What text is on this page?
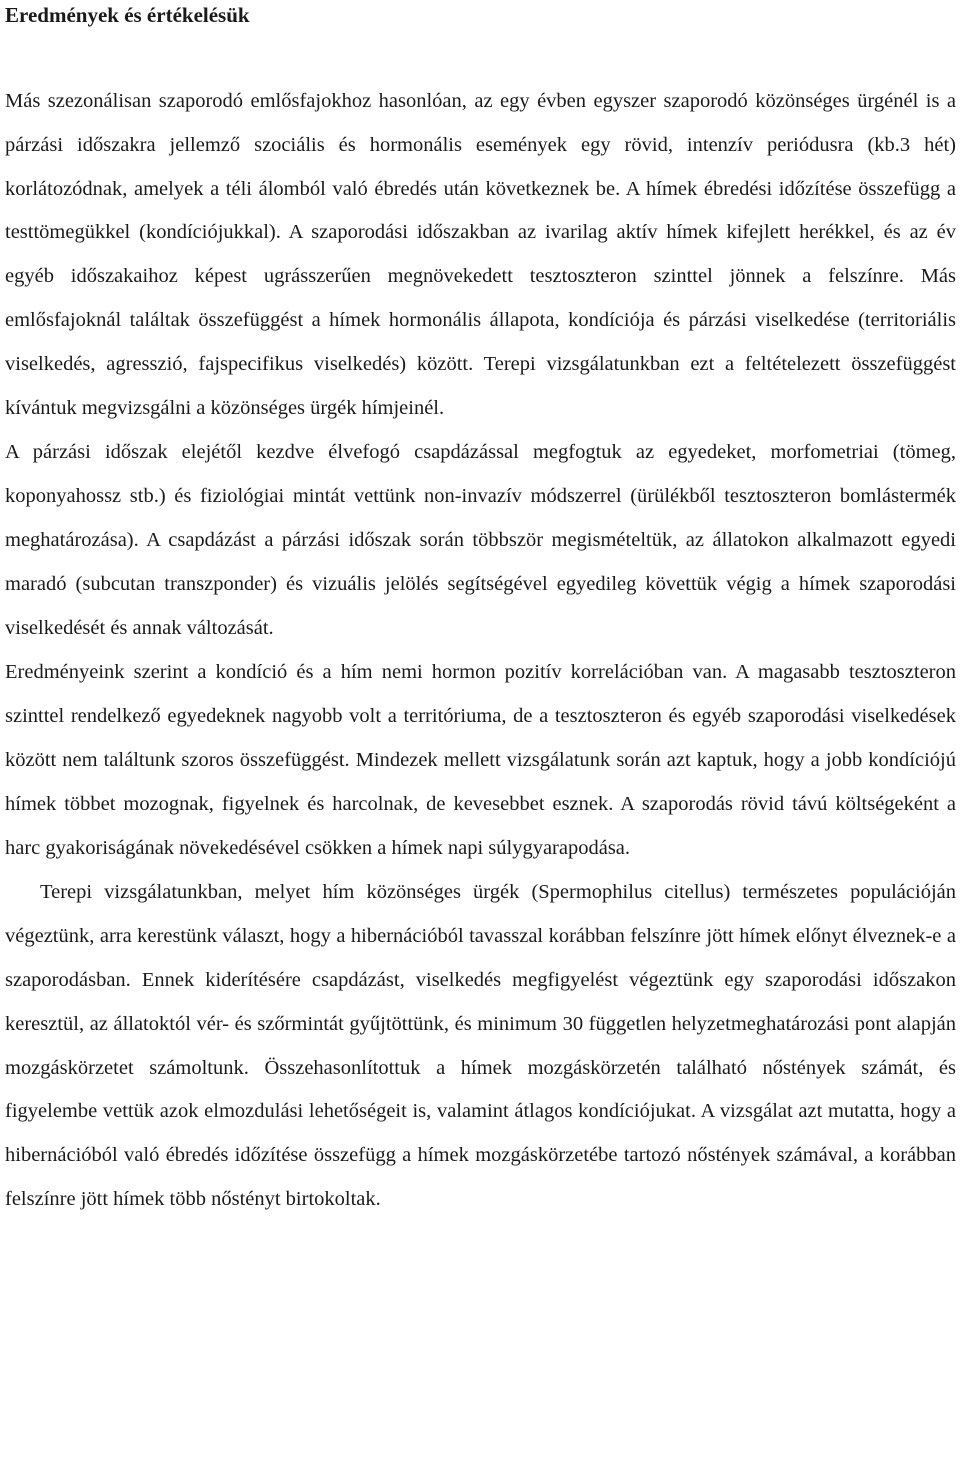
Eredmények és értékelésük

Más szezonálisan szaporodó emlősfajokhoz hasonlóan, az egy évben egyszer szaporodó közönséges ürgénél is a párzási időszakra jellemző szociális és hormonális események egy rövid, intenzív periódusra (kb.3 hét) korlátozódnak, amelyek a téli álomból való ébredés után következnek be. A hímek ébredési időzítése összefügg a testtömegükkel (kondíciójukkal). A szaporodási időszakban az ivarilag aktív hímek kifejlett herékkel, és az év egyéb időszakaihoz képest ugrásszerűen megnövekedett tesztoszteron szinttel jönnek a felszínre. Más emlősfajoknál találtak összefüggést a hímek hormonális állapota, kondíciója és párzási viselkedése (territoriális viselkedés, agresszió, fajspecifikus viselkedés) között. Terepi vizsgálatunkban ezt a feltételezett összefüggést kívántuk megvizsgálni a közönséges ürgék hímjeinél.

A párzási időszak elejétől kezdve élvefogó csapdázással megfogtuk az egyedeket, morfometriai (tömeg, koponyahossz stb.) és fiziológiai mintát vettünk non-invazív módszerrel (ürülékből tesztoszteron bomlástermék meghatározása). A csapdázást a párzási időszak során többször megismételtük, az állatokon alkalmazott egyedi maradó (subcutan transzponder) és vizuális jelölés segítségével egyedileg követtük végig a hímek szaporodási viselkedését és annak változását.

Eredményeink szerint a kondíció és a hím nemi hormon pozitív korrelációban van. A magasabb tesztoszteron szinttel rendelkező egyedeknek nagyobb volt a territóriuma, de a tesztoszteron és egyéb szaporodási viselkedések között nem találtunk szoros összefüggést. Mindezek mellett vizsgálatunk során azt kaptuk, hogy a jobb kondíciójú hímek többet mozognak, figyelnek és harcolnak, de kevesebbet esznek. A szaporodás rövid távú költségeként a harc gyakoriságának növekedésével csökken a hímek napi súlygyarapodása.

Terepi vizsgálatunkban, melyet hím közönséges ürgék (Spermophilus citellus) természetes populációján végeztünk, arra kerestünk választ, hogy a hibernációból tavasszal korábban felszínre jött hímek előnyt élveznek-e a szaporodásban. Ennek kiderítésére csapdázást, viselkedés megfigyelést végeztünk egy szaporodási időszakon keresztül, az állatoktól vér- és szőrmintát gyűjtöttünk, és minimum 30 független helyzetmeghatározási pont alapján mozgáskörzetet számoltunk. Összehasonlítottuk a hímek mozgáskörzetén található nőstények számát, és figyelembe vettük azok elmozdulási lehetőségeit is, valamint átlagos kondíciójukat. A vizsgálat azt mutatta, hogy a hibernációból való ébredés időzítése összefügg a hímek mozgáskörzetébe tartozó nőstények számával, a korábban felszínre jött hímek több nőstényt birtokoltak.
